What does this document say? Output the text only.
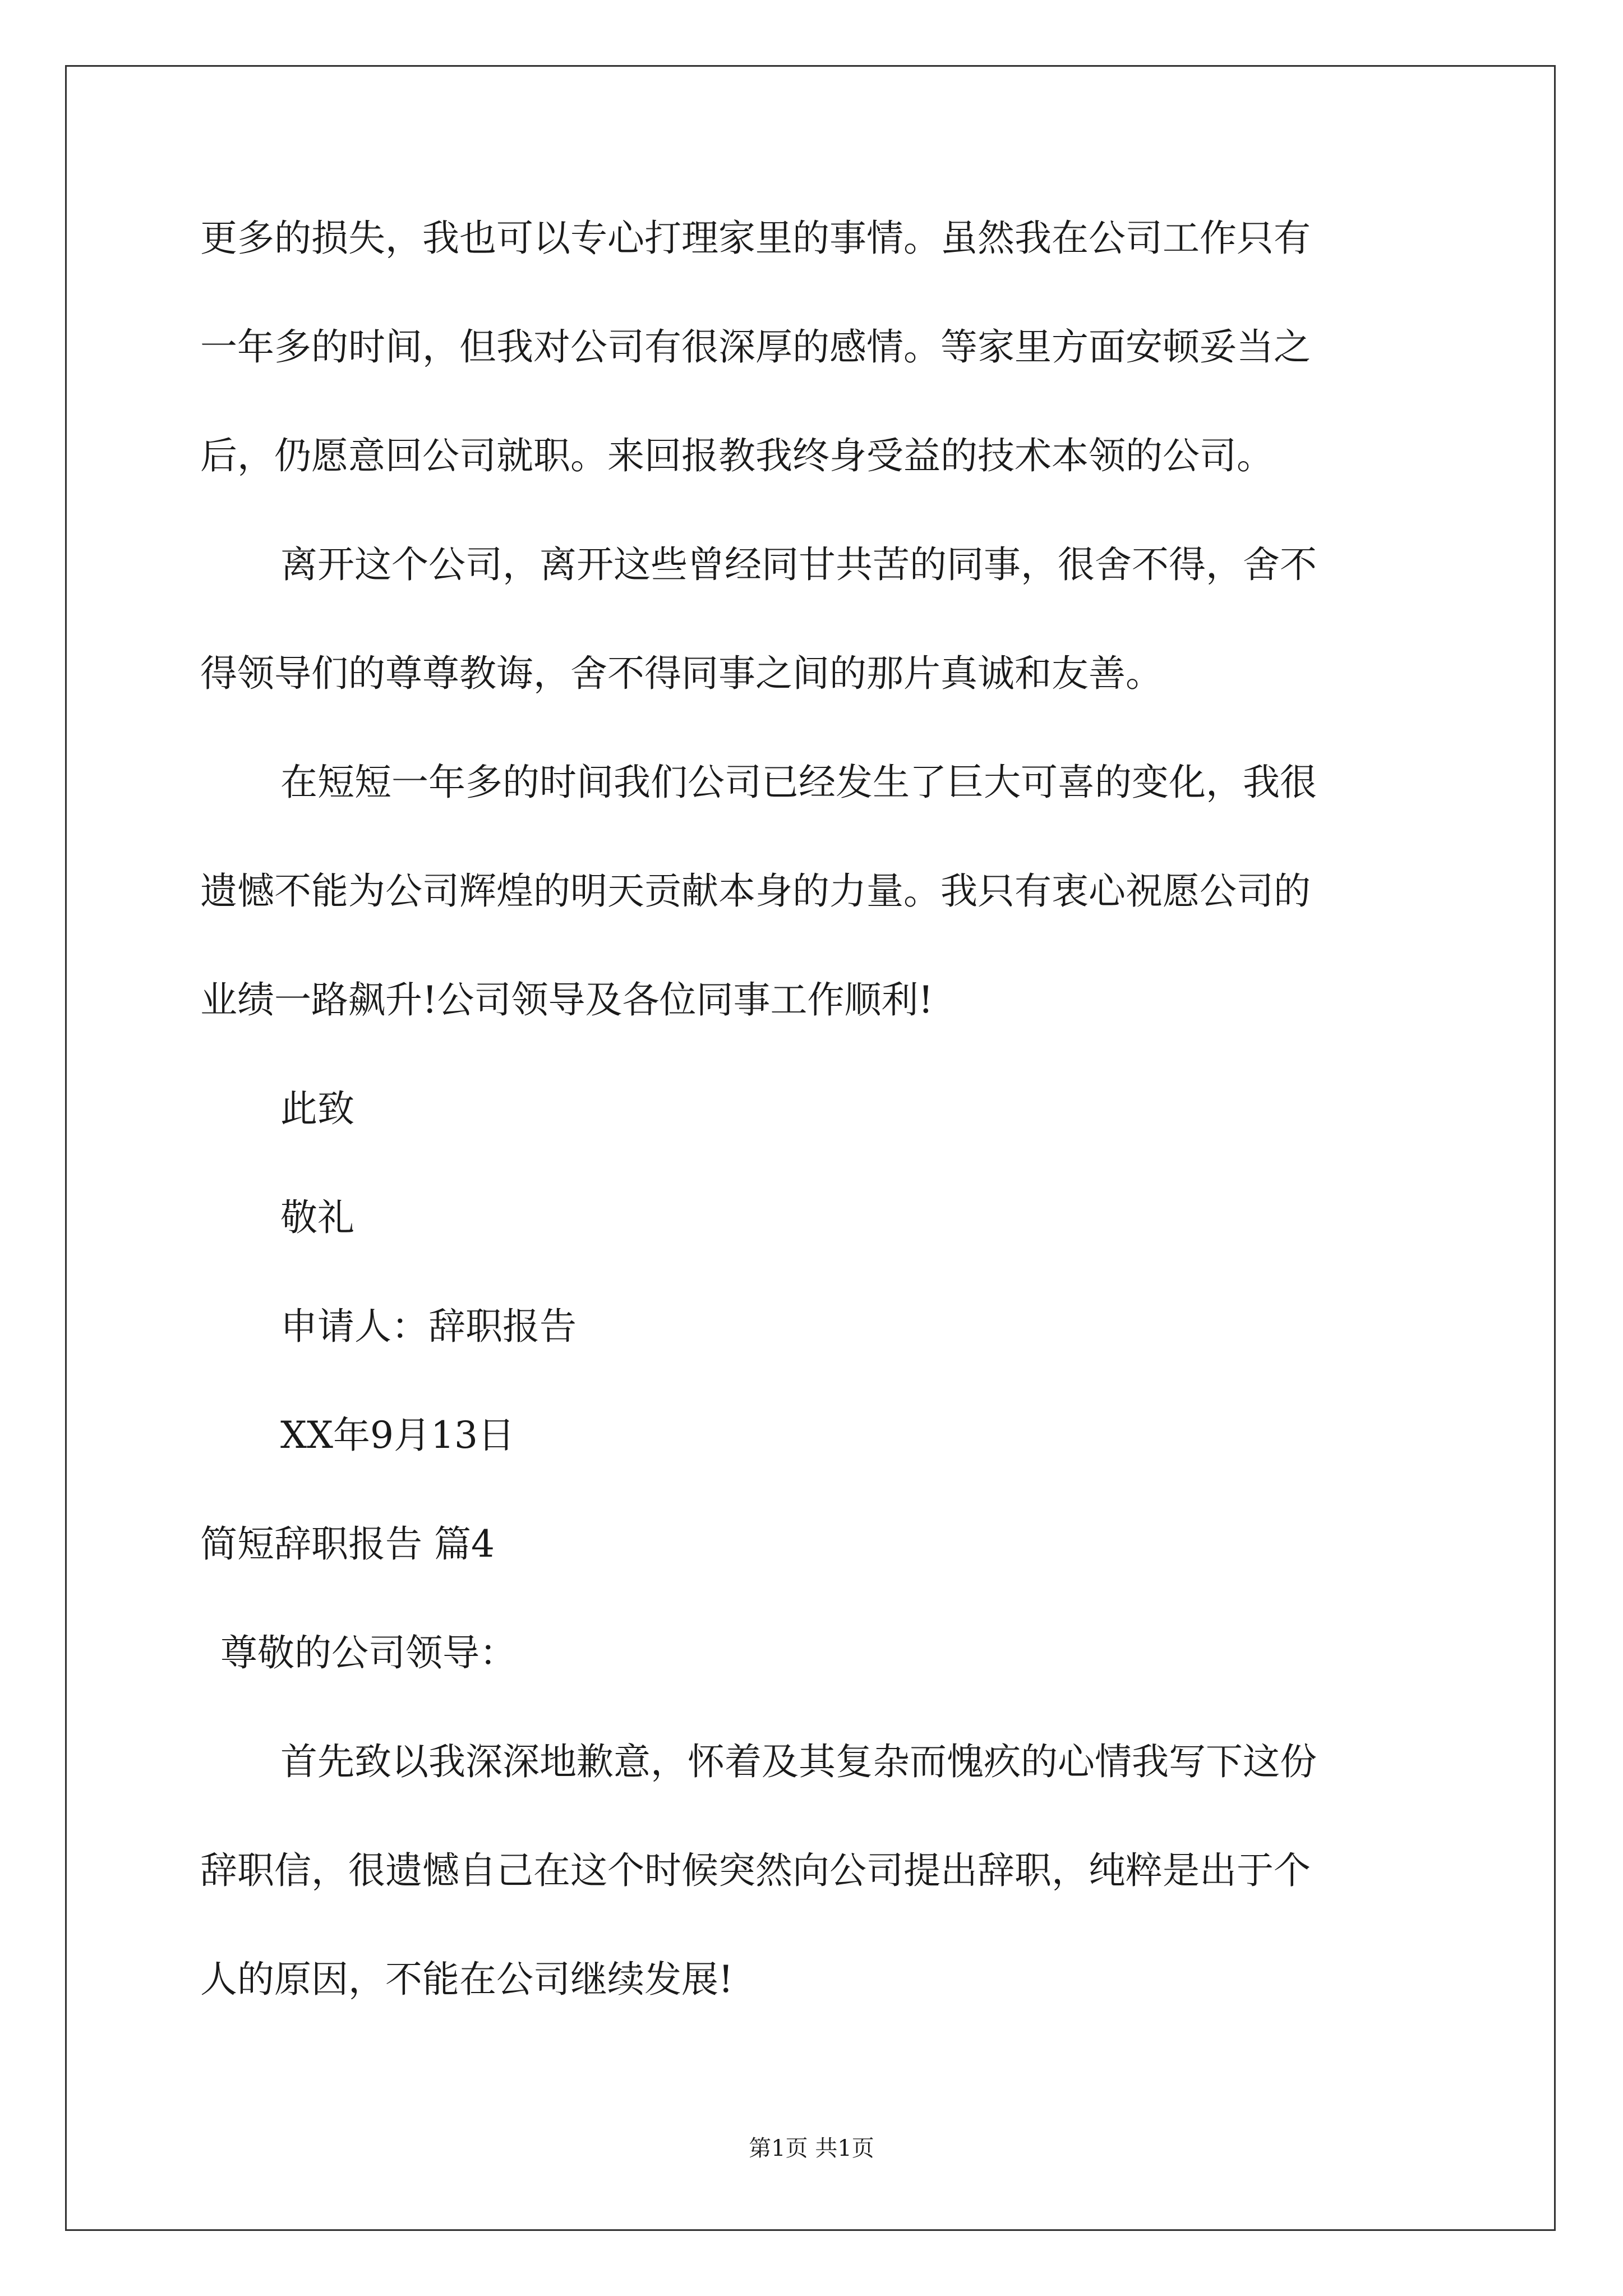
更多的损失，我也可以专心打理家里的事情。虽然我在公司工作只有
一年多的时间，但我对公司有很深厚的感情。等家里方面安顿妥当之
后，仍愿意回公司就职。来回报教我终身受益的技术本领的公司。
离开这个公司，离开这些曾经同甘共苦的同事，很舍不得，舍不
得领导们的尊尊教诲，舍不得同事之间的那片真诚和友善。
在短短一年多的时间我们公司已经发生了巨大可喜的变化，我很
遗憾不能为公司辉煌的明天贡献本身的力量。我只有衷心祝愿公司的
业绩一路飙升!公司领导及各位同事工作顺利!
此致
敬礼
申请人：辞职报告
XX年9月13日
简短辞职报告 篇4
尊敬的公司领导：
首先致以我深深地歉意，怀着及其复杂而愧疚的心情我写下这份
辞职信，很遗憾自己在这个时候突然向公司提出辞职，纯粹是出于个
人的原因，不能在公司继续发展!
第1页 共1页
